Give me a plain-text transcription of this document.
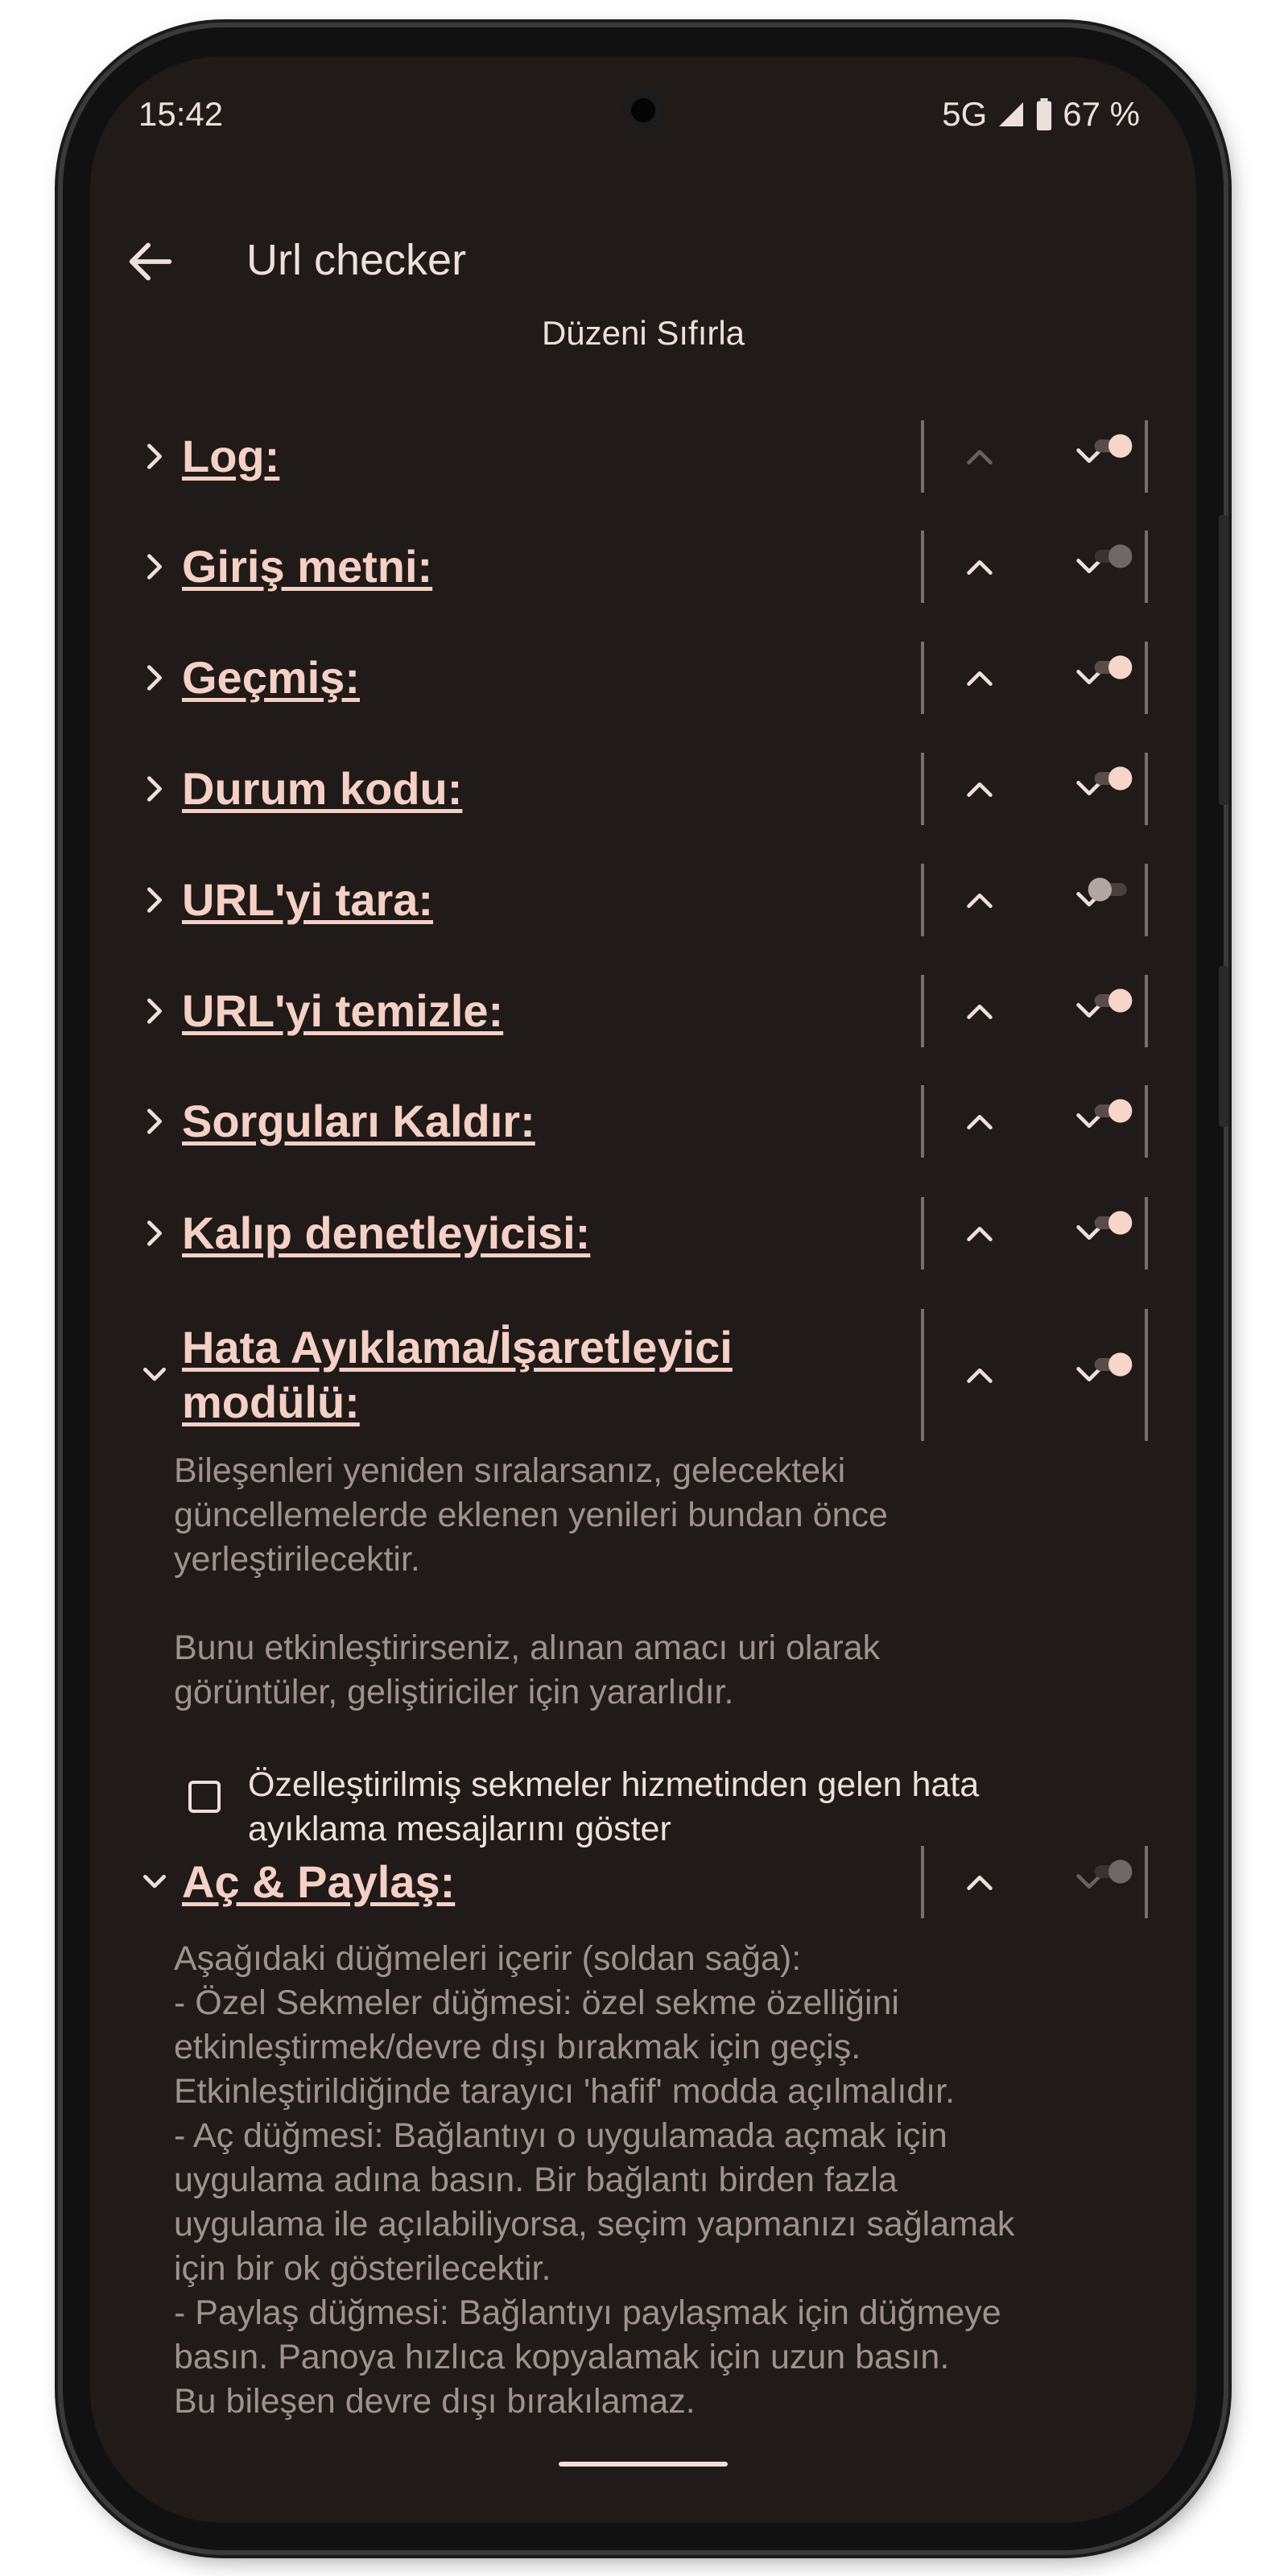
15:42	5G 67 %
Url checker
Düzeni Sıfırla
Log:
Giriş metni:
Geçmiş:
Durum kodu:
URL'yi tara:
URL'yi temizle:
Sorguları Kaldır:
Kalıp denetleyicisi:
Hata Ayıklama/İşaretleyici
modülü:
Aç & Paylaş:
Bileşenleri yeniden sıralarsanız, gelecekteki
güncellemelerde eklenen yenileri bundan önce
yerleştirilecektir.
Bunu etkinleştirirseniz, alınan amacı uri olarak
görüntüler, geliştiriciler için yararlıdır.
Özelleştirilmiş sekmeler hizmetinden gelen hata
ayıklama mesajlarını göster
Aşağıdaki düğmeleri içerir (soldan sağa):
- Özel Sekmeler düğmesi: özel sekme özelliğini
etkinleştirmek/devre dışı bırakmak için geçiş.
Etkinleştirildiğinde tarayıcı 'hafif' modda açılmalıdır.
- Aç düğmesi: Bağlantıyı o uygulamada açmak için
uygulama adına basın. Bir bağlantı birden fazla
uygulama ile açılabiliyorsa, seçim yapmanızı sağlamak
için bir ok gösterilecektir.
- Paylaş düğmesi: Bağlantıyı paylaşmak için düğmeye
basın. Panoya hızlıca kopyalamak için uzun basın.
Bu bileşen devre dışı bırakılamaz.
